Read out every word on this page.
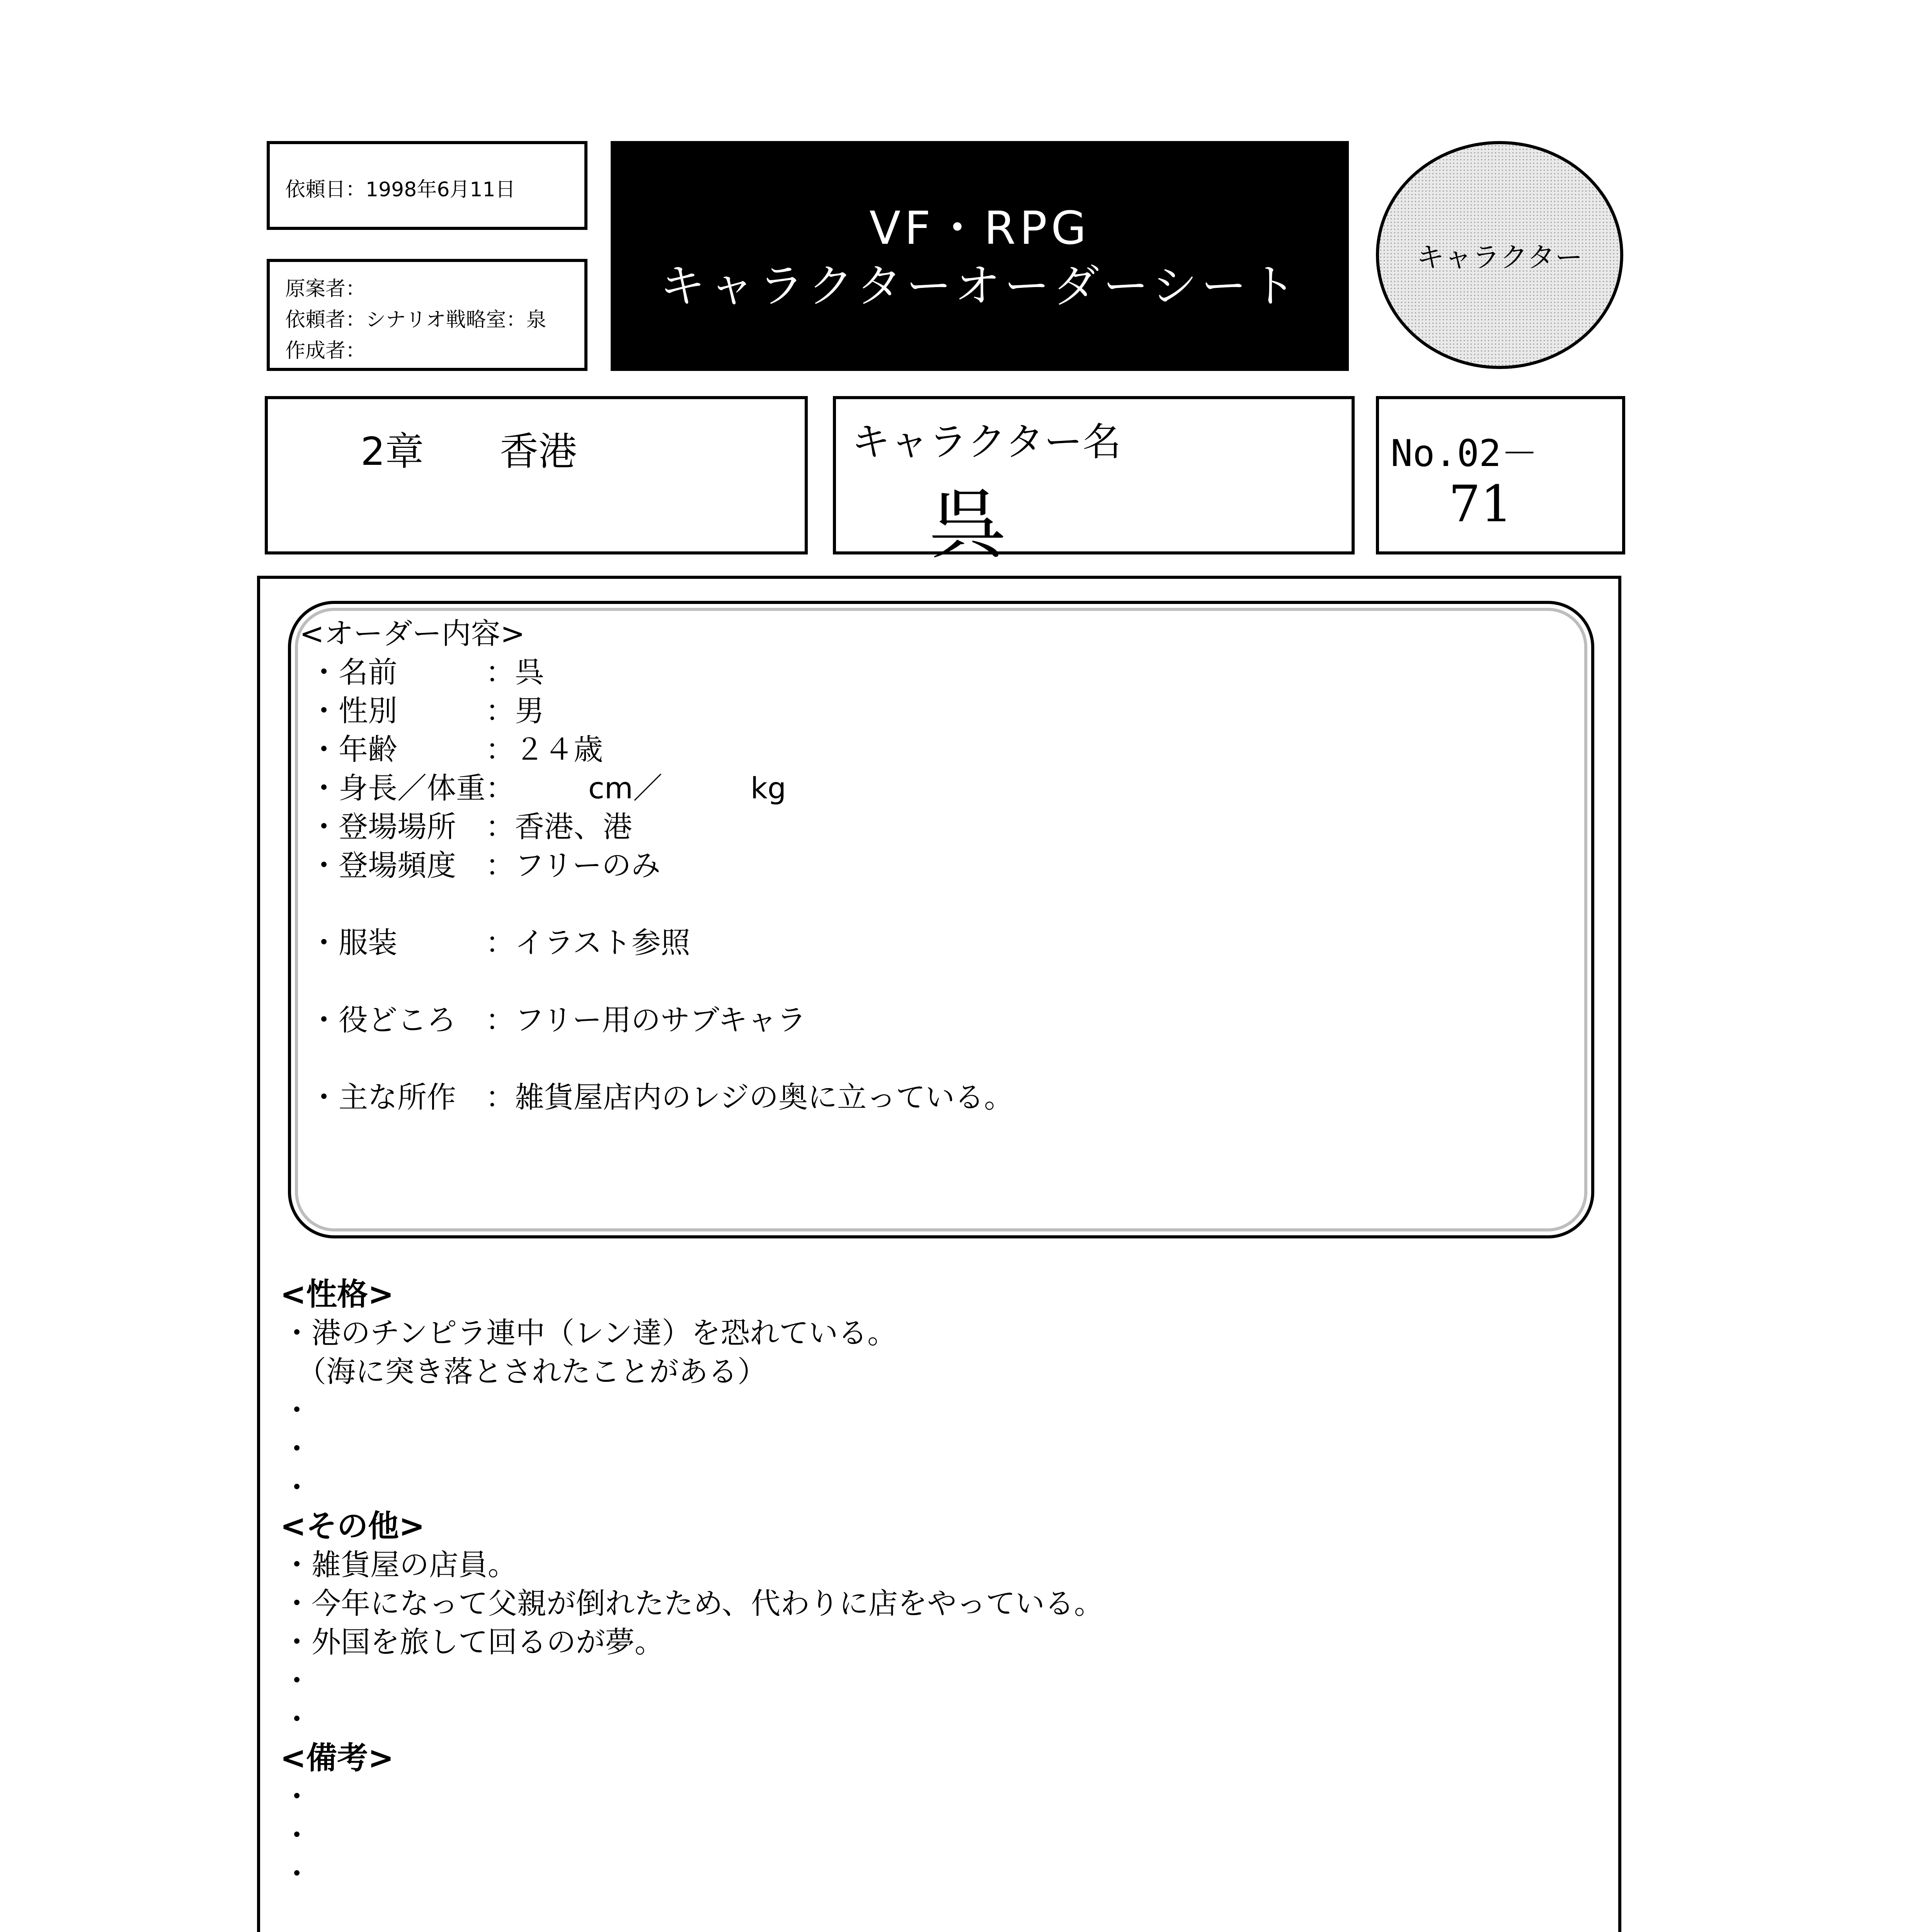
依頼日：1998年6月11日
原案者：
依頼者：シナリオ戦略室：泉
作成者：
VF・RPG
キャラクターオーダーシート
キャラクター
2章 香港	キャラクター名
呉
No.02－
71
<オーダー内容>
・名前　　　：呉
・性別　　　：男
・年齢　　　：２４歳
・身長／体重：　　　cm／　　　kg
・登場場所　：香港、港
・登場頻度　：フリーのみ
・服装　　　：イラスト参照
・役どころ　：フリー用のサブキャラ
・主な所作　：雑貨屋店内のレジの奥に立っている。
<性格>
・港のチンピラ連中（レン達）を恐れている。
　（海に突き落とされたことがある）
・
・
・
<その他>
・雑貨屋の店員。
・今年になって父親が倒れたため、代わりに店をやっている。
・外国を旅して回るのが夢。
・
・
<備考>
・
・
・
